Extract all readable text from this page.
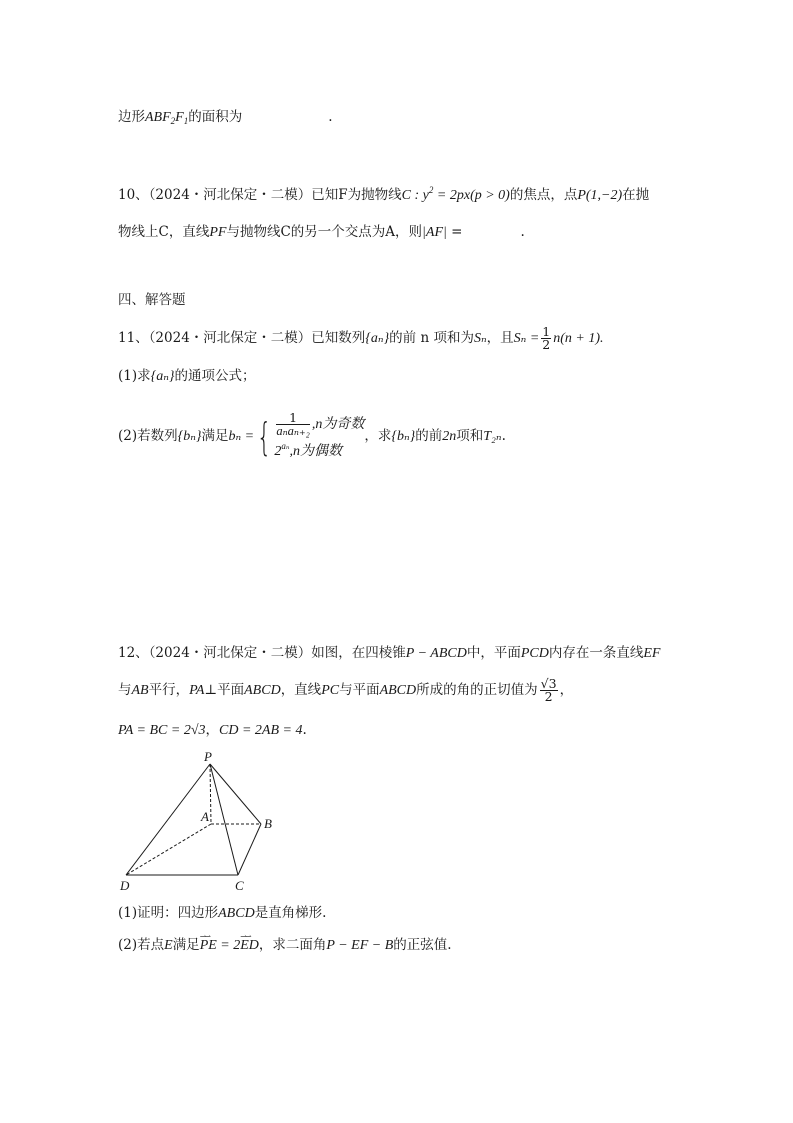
边形$ABF_2F_1$的面积为	.
10、（2024・河北保定・二模）已知F为抛物线C : $y^2 = 2px(p > 0)$的焦点，点P(1,−2)在抛
物线上C，直线PF与抛物线C的另一个交点为A，则|AF| =	.
四、解答题
11、（2024・河北保定・二模）已知数列{aₙ}的前 n 项和为Sₙ，且$S_n = \frac{1}{2} n(n + 1)$.
(1)求{aₙ}的通项公式；
(2)若数列{bₙ}满足bₙ ={	1
aₙaₙ₊₂ ,n为奇数
$2^{a_n},n$为偶数
，求{bₙ}的前2n项和T₂ₙ.
12、（2024・河北保定・二模）如图，在四棱锥P − ABCD中，平面PCD内存在一条直线EF
与AB平行，PA⊥平面ABCD，直线PC与平面ABCD所成的角的正切值为 $\frac{√3}{2}$ ，
PA = BC = 2√3，CD = 2AB = 4.
P
A	B
C
D
(1)证明：四边形ABCD是直角梯形.
(2)若点E满足⇀⇀ PE = 2⇀⇀ ED，求二面角P − EF − B的正弦值.
